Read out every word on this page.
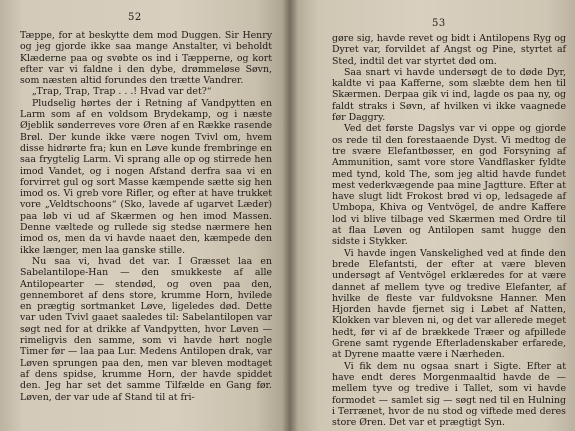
52

Tæppe, for at beskytte dem mod Duggen. Sir Henry og jeg gjorde ikke saa mange Anstalter, vi beholdt Klæderne paa og svøbte os ind i Tæpperne, og kort efter var vi faldne i den dybe, drømmeløse Søvn, som næsten altid forundes den trætte Vandrer.

„Trap, Trap, Trap . . .! Hvad var det?“

Pludselig hørtes der i Retning af Vandpytten en Larm som af en voldsom Brydekamp, og i næste Øjeblik sønderreves vore Øren af en Række rasende Brøl. Der kunde ikke være nogen Tvivl om, hvem disse hidrørte fra; kun en Løve kunde frembringe en saa frygtelig Larm. Vi sprang alle op og stirrede hen imod Vandet, og i nogen Afstand derfra saa vi en forvirret gul og sort Masse kæmpende sætte sig hen imod os. Vi greb vore Rifler, og efter at have trukket vore „Veldtschoons“ (Sko, lavede af ugarvet Læder) paa løb vi ud af Skærmen og hen imod Massen. Denne væltede og rullede sig stedse nærmere hen imod os, men da vi havde naaet den, kæmpede den ikke længer, men laa ganske stille.

Nu saa vi, hvad det var. I Græsset laa en Sabelantilope-Han — den smukkeste af alle Antilopearter — stendød, og oven paa den, gennemboret af dens store, krumme Horn, hvilede en prægtig sortmanket Løve, ligeledes død. Dette var uden Tvivl gaaet saaledes til: Sabelantilopen var søgt ned for at drikke af Vandpytten, hvor Løven — rimeligvis den samme, som vi havde hørt nogle Timer før — laa paa Lur. Medens Antilopen drak, var Løven sprungen paa den, men var bleven modtaget af dens spidse, krumme Horn, der havde spiddet den. Jeg har set det samme Tilfælde en Gang før. Løven, der var ude af Stand til at fri-

53

gøre sig, havde revet og bidt i Antilopens Ryg og Dyret var, forvildet af Angst og Pine, styrtet af Sted, indtil det var styrtet død om.

Saa snart vi havde undersøgt de to døde Dyr, kaldte vi paa Kafferne, som slæbte dem hen til Skærmen. Derpaa gik vi ind, lagde os paa ny, og faldt straks i Søvn, af hvilken vi ikke vaagnede før Daggry.

Ved det første Dagslys var vi oppe og gjorde os rede til den forestaaende Dyst. Vi medtog de tre svære Elefantbøsser, en god Forsyning af Ammunition, samt vore store Vandflasker fyldte med tynd, kold The, som jeg altid havde fundet mest vederkvægende paa mine Jagtture. Efter at have slugt lidt Frokost brød vi op, ledsagede af Umbopa, Khiva og Ventvögel, de andre Kaffere lod vi blive tilbage ved Skærmen med Ordre til at flaa Løven og Antilopen samt hugge den sidste i Stykker.

Vi havde ingen Vanskelighed ved at finde den brede Elefantsti, der efter at være bleven undersøgt af Ventvögel erklæredes for at være dannet af mellem tyve og tredive Elefanter, af hvilke de fleste var fuldvoksne Hanner. Men Hjorden havde fjernet sig i Løbet af Natten, Klokken var bleven ni, og det var allerede meget hedt, før vi af de brækkede Træer og afpillede Grene samt rygende Efterladenskaber erfarede, at Dyrene maatte være i Nærheden.

Vi fik dem nu ogsaa snart i Sigte. Efter at have endt deres Morgenmaaltid havde de — mellem tyve og tredive i Tallet, som vi havde formodet — samlet sig — søgt ned til en Hulning i Terrænet, hvor de nu stod og viftede med deres store Øren. Det var et prægtigt Syn.
